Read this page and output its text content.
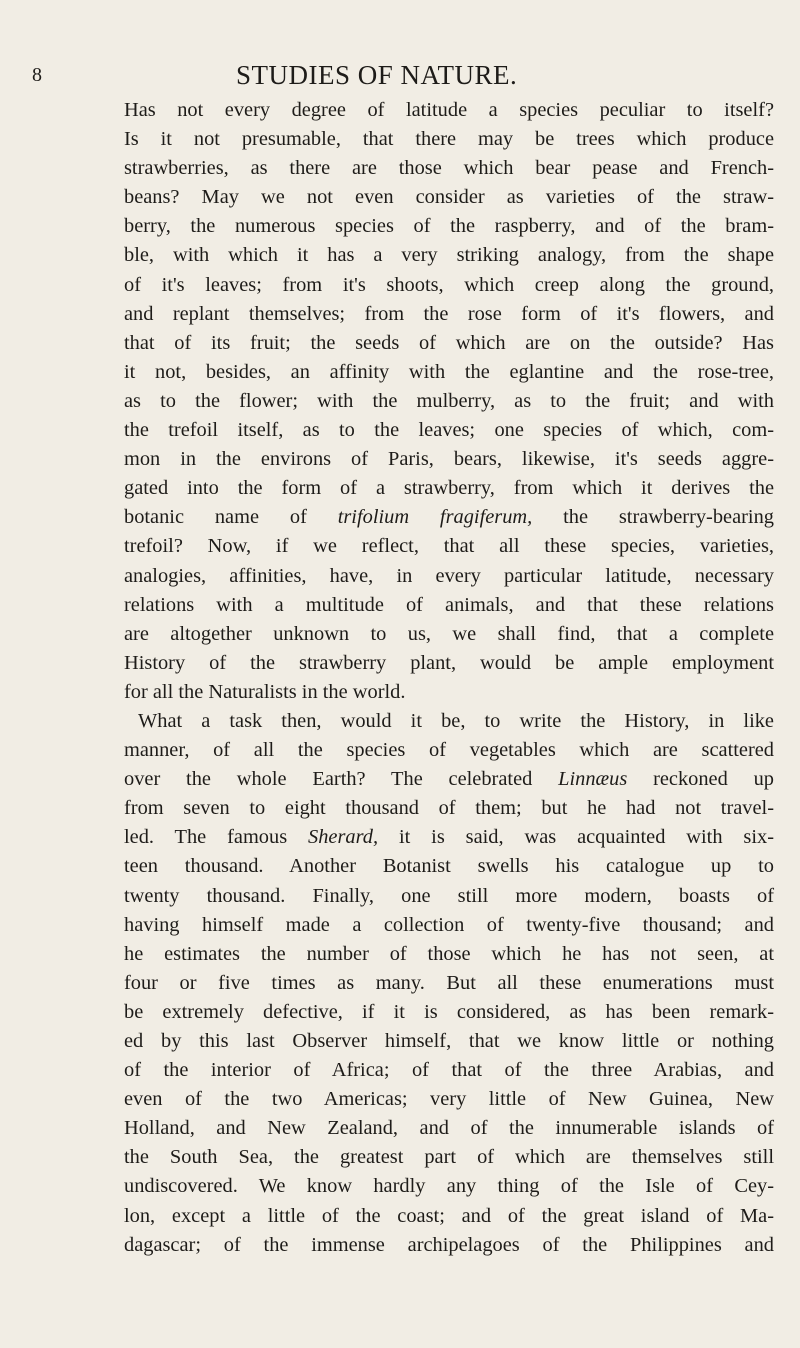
8	STUDIES OF NATURE.
Has not every degree of latitude a species peculiar to itself?
Is it not presumable, that there may be trees which produce
strawberries, as there are those which bear pease and French-
beans? May we not even consider as varieties of the straw-
berry, the numerous species of the raspberry, and of the bram-
ble, with which it has a very striking analogy, from the shape
of it's leaves; from it's shoots, which creep along the ground,
and replant themselves; from the rose form of it's flowers, and
that of its fruit; the seeds of which are on the outside? Has
it not, besides, an affinity with the eglantine and the rose-tree,
as to the flower; with the mulberry, as to the fruit; and with
the trefoil itself, as to the leaves; one species of which, com-
mon in the environs of Paris, bears, likewise, it's seeds aggre-
gated into the form of a strawberry, from which it derives the
botanic name of trifolium fragiferum, the strawberry-bearing
trefoil? Now, if we reflect, that all these species, varieties,
analogies, affinities, have, in every particular latitude, necessary
relations with a multitude of animals, and that these relations
are altogether unknown to us, we shall find, that a complete
History of the strawberry plant, would be ample employment
for all the Naturalists in the world.
What a task then, would it be, to write the History, in like
manner, of all the species of vegetables which are scattered
over the whole Earth? The celebrated Linnæus reckoned up
from seven to eight thousand of them; but he had not travel-
led. The famous Sherard, it is said, was acquainted with six-
teen thousand. Another Botanist swells his catalogue up to
twenty thousand. Finally, one still more modern, boasts of
having himself made a collection of twenty-five thousand; and
he estimates the number of those which he has not seen, at
four or five times as many. But all these enumerations must
be extremely defective, if it is considered, as has been remark-
ed by this last Observer himself, that we know little or nothing
of the interior of Africa; of that of the three Arabias, and
even of the two Americas; very little of New Guinea, New
Holland, and New Zealand, and of the innumerable islands of
the South Sea, the greatest part of which are themselves still
undiscovered. We know hardly any thing of the Isle of Cey-
lon, except a little of the coast; and of the great island of Ma-
dagascar; of the immense archipelagoes of the Philippines and
